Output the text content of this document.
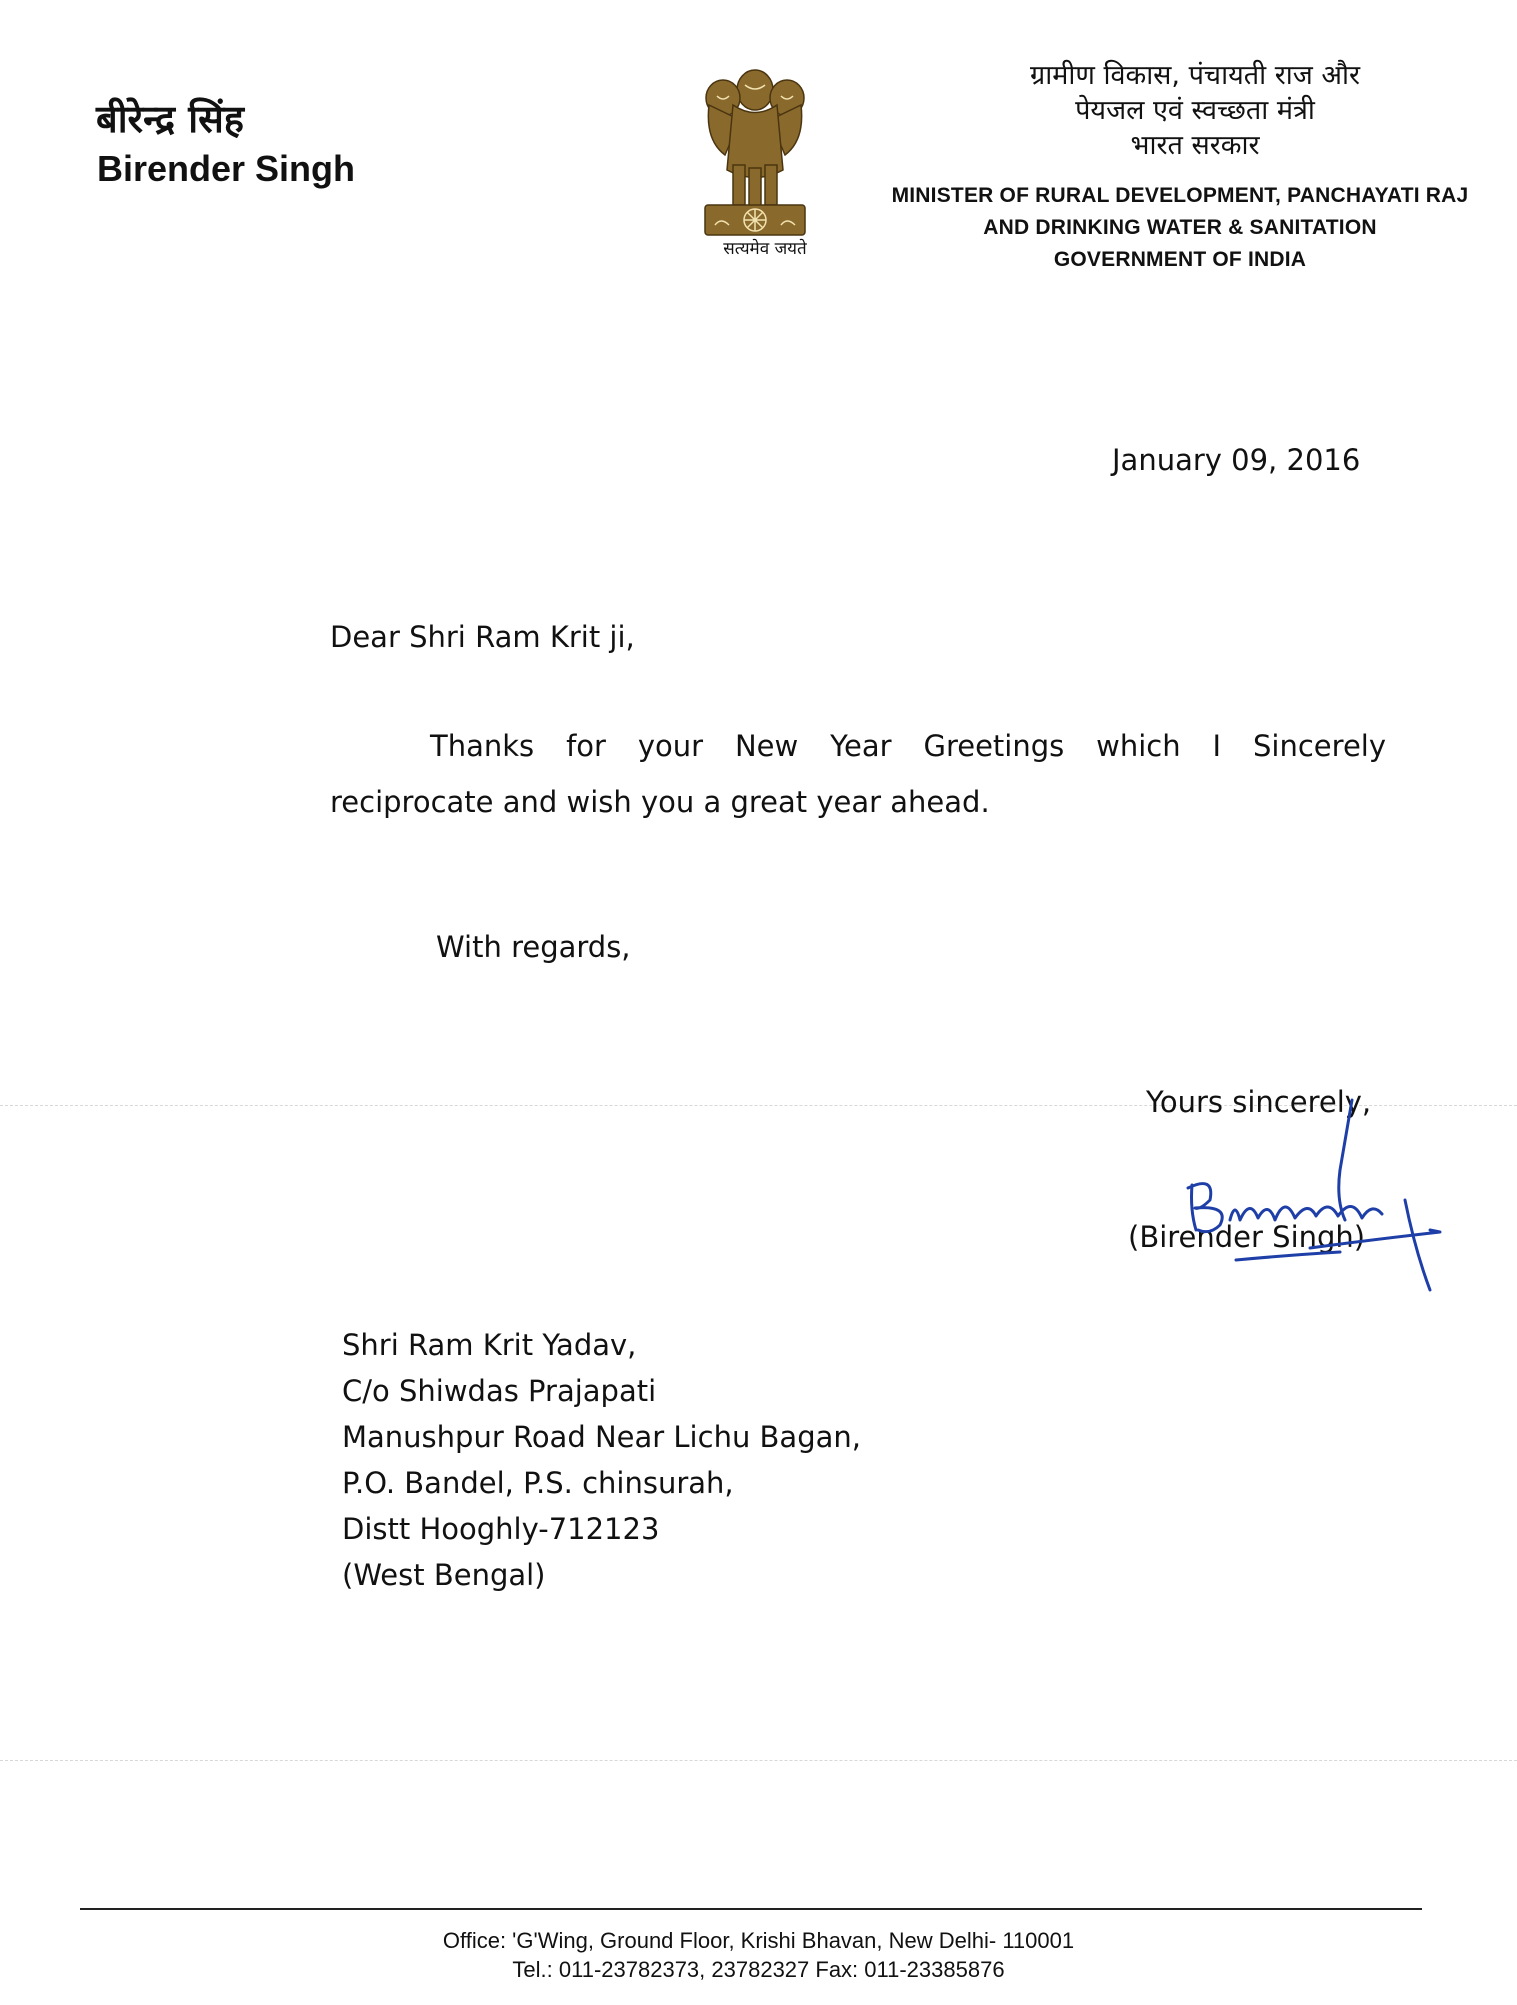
बीरेन्द्र सिंह
Birender Singh
सत्यमेव जयते
ग्रामीण विकास, पंचायती राज और
पेयजल एवं स्वच्छता मंत्री
भारत सरकार
MINISTER OF RURAL DEVELOPMENT, PANCHAYATI RAJ
AND DRINKING WATER & SANITATION
GOVERNMENT OF INDIA
January 09, 2016
Dear Shri Ram Krit ji,
Thanks for your New Year Greetings which I Sincerely
reciprocate and wish you a great year ahead.
With regards,
Yours sincerely,
(Birender Singh)
Shri Ram Krit Yadav,
C/o Shiwdas Prajapati
Manushpur Road Near Lichu Bagan,
P.O. Bandel, P.S. chinsurah,
Distt Hooghly-712123
(West Bengal)
Office: 'G'Wing, Ground Floor, Krishi Bhavan, New Delhi- 110001
Tel.: 011-23782373, 23782327 Fax: 011-23385876
